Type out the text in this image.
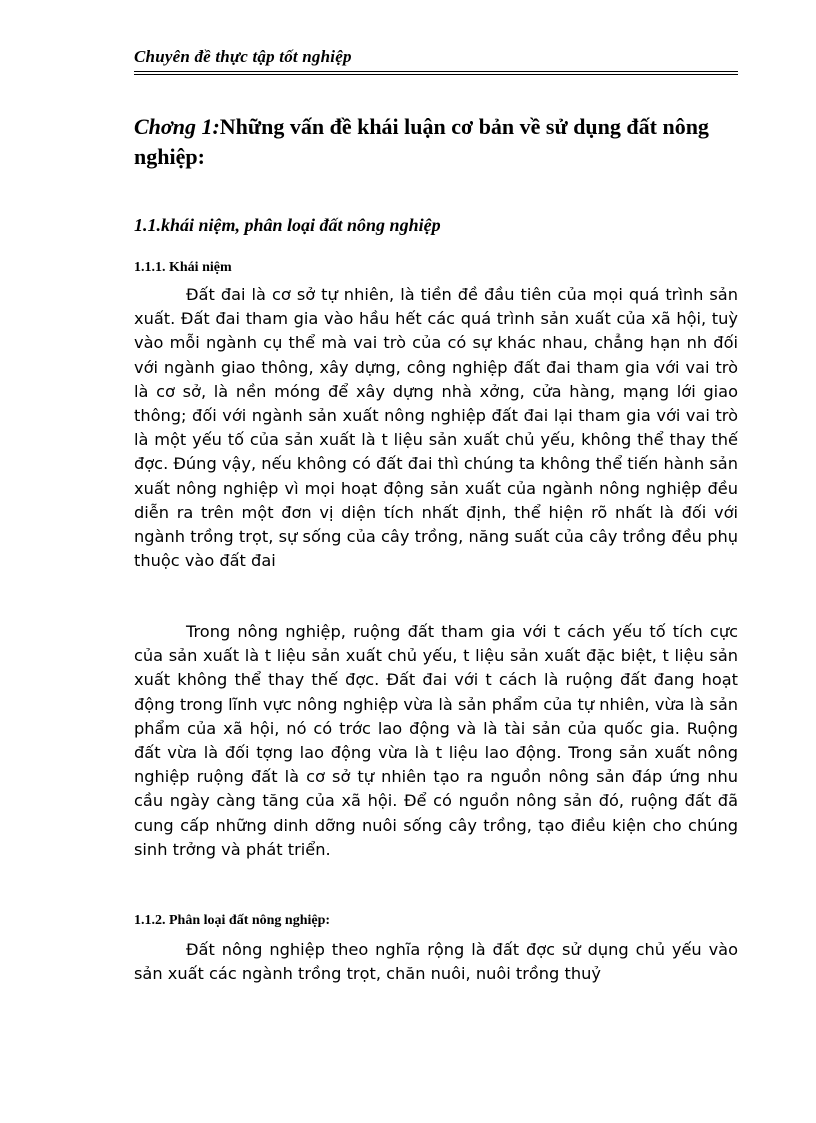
Chuyên đề thực tập tốt nghiệp
Chơng 1:Những vấn đề khái luận cơ bản về sử dụng đất nông nghiệp:
1.1.khái niệm, phân loại đất nông nghiệp
1.1.1. Khái niệm
Đất đai là cơ sở tự nhiên, là tiền đề đầu tiên của mọi quá trình sản xuất. Đất đai tham gia vào hầu hết các quá trình sản xuất của xã hội, tuỳ vào mỗi ngành cụ thể mà vai trò của có sự khác nhau, chẳng hạn nh đối với ngành giao thông, xây dựng, công nghiệp đất đai tham gia với vai trò là cơ sở, là nền móng để xây dựng nhà xởng, cửa hàng, mạng lới giao thông; đối với ngành sản xuất nông nghiệp đất đai lại tham gia với vai trò là một yếu tố của sản xuất là t liệu sản xuất chủ yếu, không thể thay thế đợc. Đúng vậy, nếu không có đất đai thì chúng ta không thể tiến hành sản xuất nông nghiệp vì mọi hoạt động sản xuất của ngành nông nghiệp đều diễn ra trên một đơn vị diện tích nhất định, thể hiện rõ nhất là đối với ngành trồng trọt, sự sống của cây trồng, năng suất của cây trồng đều phụ thuộc vào đất đai
Trong nông nghiệp, ruộng đất tham gia với t cách yếu tố tích cực của sản xuất là t liệu sản xuất chủ yếu, t liệu sản xuất đặc biệt, t liệu sản xuất không thể thay thế đợc. Đất đai với t cách là ruộng đất đang hoạt động trong lĩnh vực nông nghiệp vừa là sản phẩm của tự nhiên, vừa là sản phẩm của xã hội, nó có trớc lao động và là tài sản của quốc gia. Ruộng đất vừa là đối tợng lao động vừa là t liệu lao động. Trong sản xuất nông nghiệp ruộng đất là cơ sở tự nhiên tạo ra nguồn nông sản đáp ứng nhu cầu ngày càng tăng của xã hội. Để có nguồn nông sản đó, ruộng đất đã cung cấp những dinh dỡng nuôi sống cây trồng, tạo điều kiện cho chúng sinh trởng và phát triển.
1.1.2. Phân loại đất nông nghiệp:
Đất nông nghiệp theo nghĩa rộng là đất đợc sử dụng chủ yếu vào sản xuất các ngành trồng trọt, chăn nuôi, nuôi trồng thuỷ
